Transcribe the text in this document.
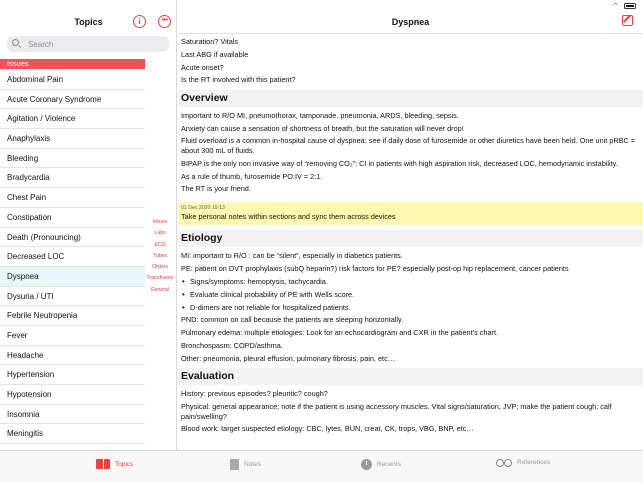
◠
Topics	i	•••
Search
Issues
Abdominal Pain
Acute Coronary Syndrome
Agitation / Violence
Anaphylaxis
Bleeding
Bradycardia
Chest Pain
Constipation
Death (Pronouncing)
Decreased LOC
Dyspnea
Dysuria / UTI
Febrile Neutropenia
Fever
Headache
Hypertension
Hypotension
Insomnia
Meningitis
Issues
Labs
ECG
Tubes
Orders
Transfusion
General
Dyspnea
Saturation? Vitals
Last ABG if available
Acute onset?
Is the RT involved with this patient?
Overview
Important to R/O MI, pneumothorax, tamponade, pneumonia, ARDS, bleeding, sepsis.
Anxiety can cause a sensation of shortness of breath, but the saturation will never drop!
Fluid overload is a common in-hospital cause of dyspnea: see if daily dose of furosemide or other diuretics have been held. One unit pRBC = about 300 mL of fluids.
BIPAP is the only non invasive way of “removing CO₂”: CI in patients with high aspiration risk, decreased LOC, hemodynamic instability.
As a rule of thumb, furosemide PO:IV = 2:1.
The RT is your friend.
01 Dec 2020 15:13
Take personal notes within sections and sync them across devices
Etiology
MI: important to R/O : can be “silent”, especially in diabetics patients.
PE: patient on DVT prophylaxis (subQ heparin?) risk factors for PE? especially post-op hip replacement, cancer patients
• Signs/symptoms: hemoptysis, tachycardia.
• Evaluate clinical probability of PE with Wells score.
• D-dimers are not reliable for hospitalized patients.
PND: common on call because the patients are sleeping horizontally.
Pulmonary edema: multiple etiologies: Look for an echocardiogram and CXR in the patient’s chart.
Bronchospasm: COPD/asthma.
Other: pneumonia, pleural effusion, pulmonary fibrosis, pain, etc…
Evaluation
History: previous episodes? pleuritic? cough?
Physical: general appearance; note if the patient is using accessory muscles. Vital signs/saturation, JVP; make the patient cough; calf pain/swelling?
Blood work: target suspected etiology: CBC, lytes, BUN, creat, CK, trops, VBG, BNP, etc…
Topics	Notes	Recents	References
